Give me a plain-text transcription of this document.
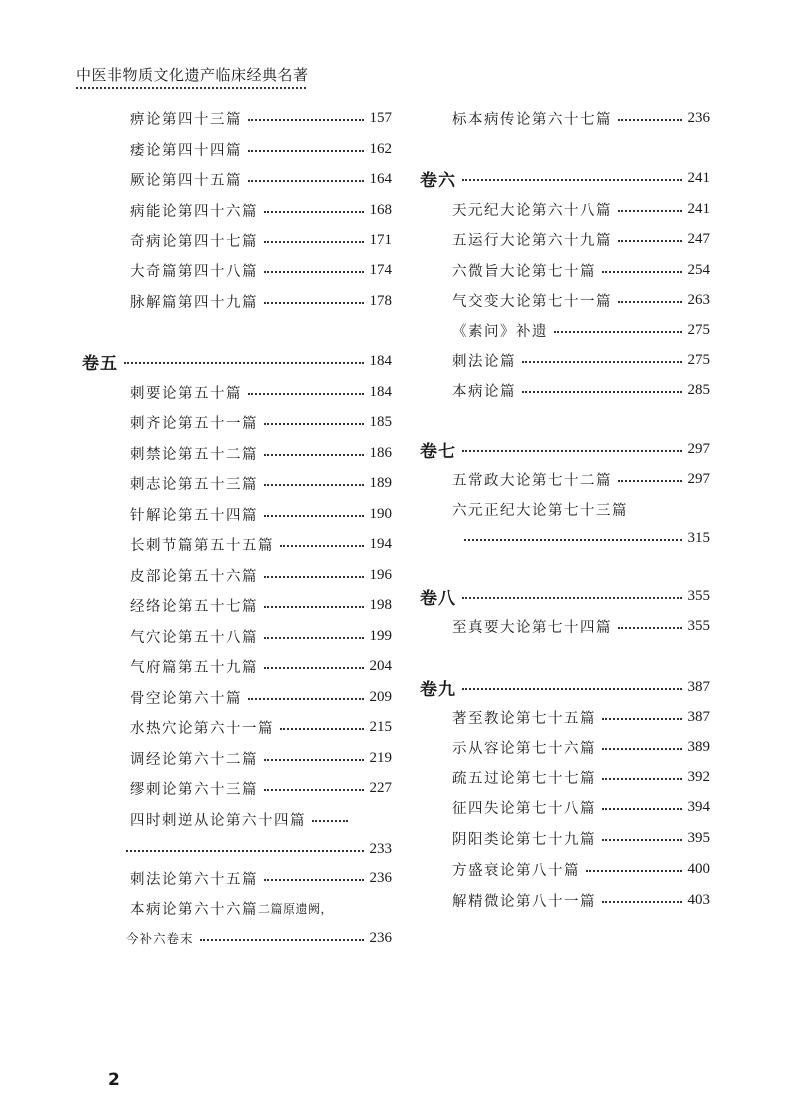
中医非物质文化遗产临床经典名著
痹论第四十三篇	157
痿论第四十四篇	162
厥论第四十五篇	164
病能论第四十六篇	168
奇病论第四十七篇	171
大奇篇第四十八篇	174
脉解篇第四十九篇	178
卷五	184
刺要论第五十篇	184
刺齐论第五十一篇	185
刺禁论第五十二篇	186
刺志论第五十三篇	189
针解论第五十四篇	190
长刺节篇第五十五篇	194
皮部论第五十六篇	196
经络论第五十七篇	198
气穴论第五十八篇	199
气府篇第五十九篇	204
骨空论第六十篇	209
水热穴论第六十一篇	215
调经论第六十二篇	219
缪刺论第六十三篇	227
四时刺逆从论第六十四篇
233
刺法论第六十五篇	236
本病论第六十六篇 二篇原遗阙，
今补六卷末	236
标本病传论第六十七篇	236
卷六	241
天元纪大论第六十八篇	241
五运行大论第六十九篇	247
六微旨大论第七十篇	254
气交变大论第七十一篇	263
《素问》补遗	275
刺法论篇	275
本病论篇	285
卷七	297
五常政大论第七十二篇	297
六元正纪大论第七十三篇
315
卷八	355
至真要大论第七十四篇	355
卷九	387
著至教论第七十五篇	387
示从容论第七十六篇	389
疏五过论第七十七篇	392
征四失论第七十八篇	394
阴阳类论第七十九篇	395
方盛衰论第八十篇	400
解精微论第八十一篇	403
2
